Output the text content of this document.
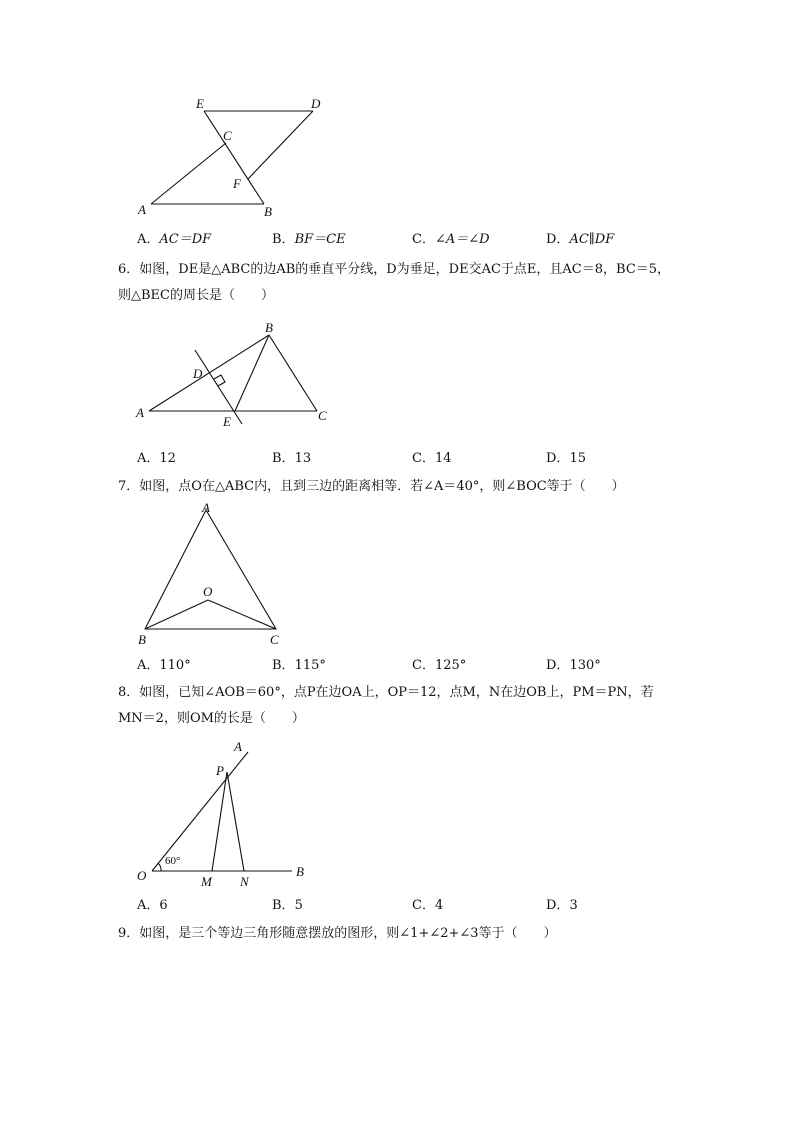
E	D
C
F
A	B
A．AC＝DF	B．BF＝CE	C．∠A＝∠D	D．AC∥DF
6．如图，DE是△ABC的边AB的垂直平分线，D为垂足，DE交AC于点E，且AC＝8，BC＝5，则△BEC的周长是（　　）
B
D
A
E	C
A．12	B．13	C．14	D．15
7．如图，点O在△ABC内，且到三边的距离相等．若∠A＝40°，则∠BOC等于（　　）
A
O
B	C
A．110°	B．115°	C．125°	D．130°
8．如图，已知∠AOB＝60°，点P在边OA上，OP＝12，点M，N在边OB上，PM＝PN，若MN＝2，则OM的长是（　　）
A
P
60°
O	M N
B
A．6	B．5	C．4	D．3
9．如图，是三个等边三角形随意摆放的图形，则∠1+∠2+∠3等于（　　）
